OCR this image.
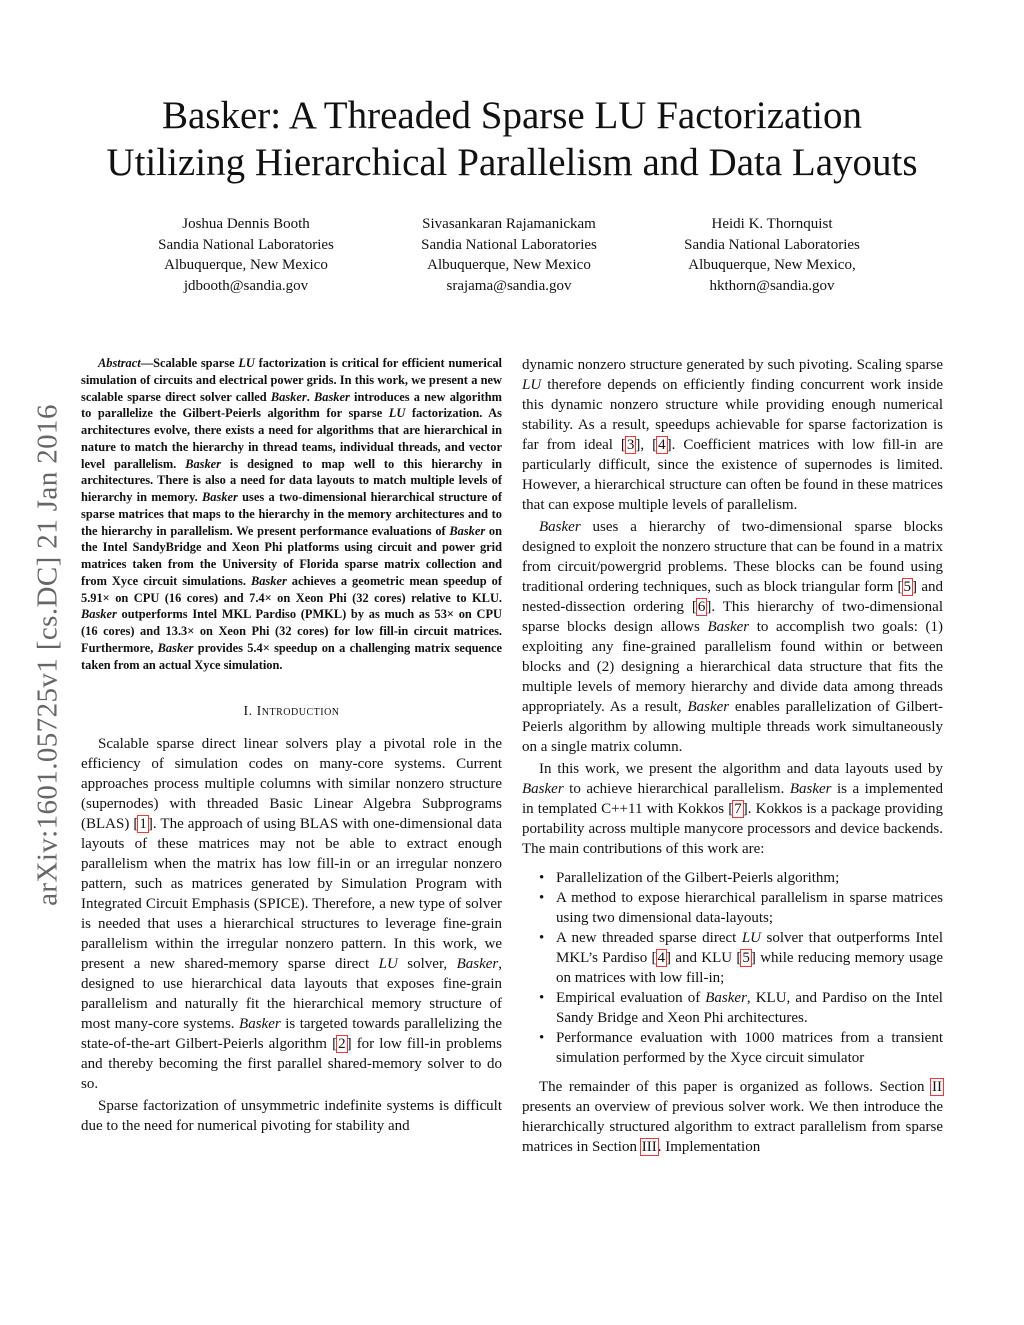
Basker: A Threaded Sparse LU Factorization
Utilizing Hierarchical Parallelism and Data Layouts
Joshua Dennis Booth
Sandia National Laboratories
Albuquerque, New Mexico
jdbooth@sandia.gov
Sivasankaran Rajamanickam
Sandia National Laboratories
Albuquerque, New Mexico
srajama@sandia.gov
Heidi K. Thornquist
Sandia National Laboratories
Albuquerque, New Mexico,
hkthorn@sandia.gov
arXiv:1601.05725v1 [cs.DC] 21 Jan 2016

Abstract—Scalable sparse LU factorization is critical for efficient numerical simulation of circuits and electrical power grids. In this work, we present a new scalable sparse direct solver called Basker. Basker introduces a new algorithm to parallelize the Gilbert-Peierls algorithm for sparse LU factorization. As architectures evolve, there exists a need for algorithms that are hierarchical in nature to match the hierarchy in thread teams, individual threads, and vector level parallelism. Basker is designed to map well to this hierarchy in architectures. There is also a need for data layouts to match multiple levels of hierarchy in memory. Basker uses a two-dimensional hierarchical structure of sparse matrices that maps to the hierarchy in the memory architectures and to the hierarchy in parallelism. We present performance evaluations of Basker on the Intel SandyBridge and Xeon Phi platforms using circuit and power grid matrices taken from the University of Florida sparse matrix collection and from Xyce circuit simulations. Basker achieves a geometric mean speedup of 5.91× on CPU (16 cores) and 7.4× on Xeon Phi (32 cores) relative to KLU. Basker outperforms Intel MKL Pardiso (PMKL) by as much as 53× on CPU (16 cores) and 13.3× on Xeon Phi (32 cores) for low fill-in circuit matrices. Furthermore, Basker provides 5.4× speedup on a challenging matrix sequence taken from an actual Xyce simulation.

I. Introduction

Scalable sparse direct linear solvers play a pivotal role in the efficiency of simulation codes on many-core systems. Current approaches process multiple columns with similar nonzero structure (supernodes) with threaded Basic Linear Algebra Subprograms (BLAS) [1]. The approach of using BLAS with one-dimensional data layouts of these matrices may not be able to extract enough parallelism when the matrix has low fill-in or an irregular nonzero pattern, such as matrices generated by Simulation Program with Integrated Circuit Emphasis (SPICE). Therefore, a new type of solver is needed that uses a hierarchical structures to leverage fine-grain parallelism within the irregular nonzero pattern. In this work, we present a new shared-memory sparse direct LU solver, Basker, designed to use hierarchical data layouts that exposes fine-grain parallelism and naturally fit the hierarchical memory structure of most many-core systems. Basker is targeted towards parallelizing the state-of-the-art Gilbert-Peierls algorithm [2] for low fill-in problems and thereby becoming the first parallel shared-memory solver to do so.

Sparse factorization of unsymmetric indefinite systems is difficult due to the need for numerical pivoting for stability and

dynamic nonzero structure generated by such pivoting. Scaling sparse LU therefore depends on efficiently finding concurrent work inside this dynamic nonzero structure while providing enough numerical stability. As a result, speedups achievable for sparse factorization is far from ideal [3], [4]. Coefficient matrices with low fill-in are particularly difficult, since the existence of supernodes is limited. However, a hierarchical structure can often be found in these matrices that can expose multiple levels of parallelism.

Basker uses a hierarchy of two-dimensional sparse blocks designed to exploit the nonzero structure that can be found in a matrix from circuit/powergrid problems. These blocks can be found using traditional ordering techniques, such as block triangular form [5] and nested-dissection ordering [6]. This hierarchy of two-dimensional sparse blocks design allows Basker to accomplish two goals: (1) exploiting any fine-grained parallelism found within or between blocks and (2) designing a hierarchical data structure that fits the multiple levels of memory hierarchy and divide data among threads appropriately. As a result, Basker enables parallelization of Gilbert-Peierls algorithm by allowing multiple threads work simultaneously on a single matrix column.

In this work, we present the algorithm and data layouts used by Basker to achieve hierarchical parallelism. Basker is a implemented in templated C++11 with Kokkos [7]. Kokkos is a package providing portability across multiple manycore processors and device backends. The main contributions of this work are:

• Parallelization of the Gilbert-Peierls algorithm;
• A method to expose hierarchical parallelism in sparse matrices using two dimensional data-layouts;
• A new threaded sparse direct LU solver that outperforms Intel MKL’s Pardiso [4] and KLU [5] while reducing memory usage on matrices with low fill-in;
• Empirical evaluation of Basker, KLU, and Pardiso on the Intel Sandy Bridge and Xeon Phi architectures.
• Performance evaluation with 1000 matrices from a transient simulation performed by the Xyce circuit simulator

The remainder of this paper is organized as follows. Section II presents an overview of previous solver work. We then introduce the hierarchically structured algorithm to extract parallelism from sparse matrices in Section III. Implementation
